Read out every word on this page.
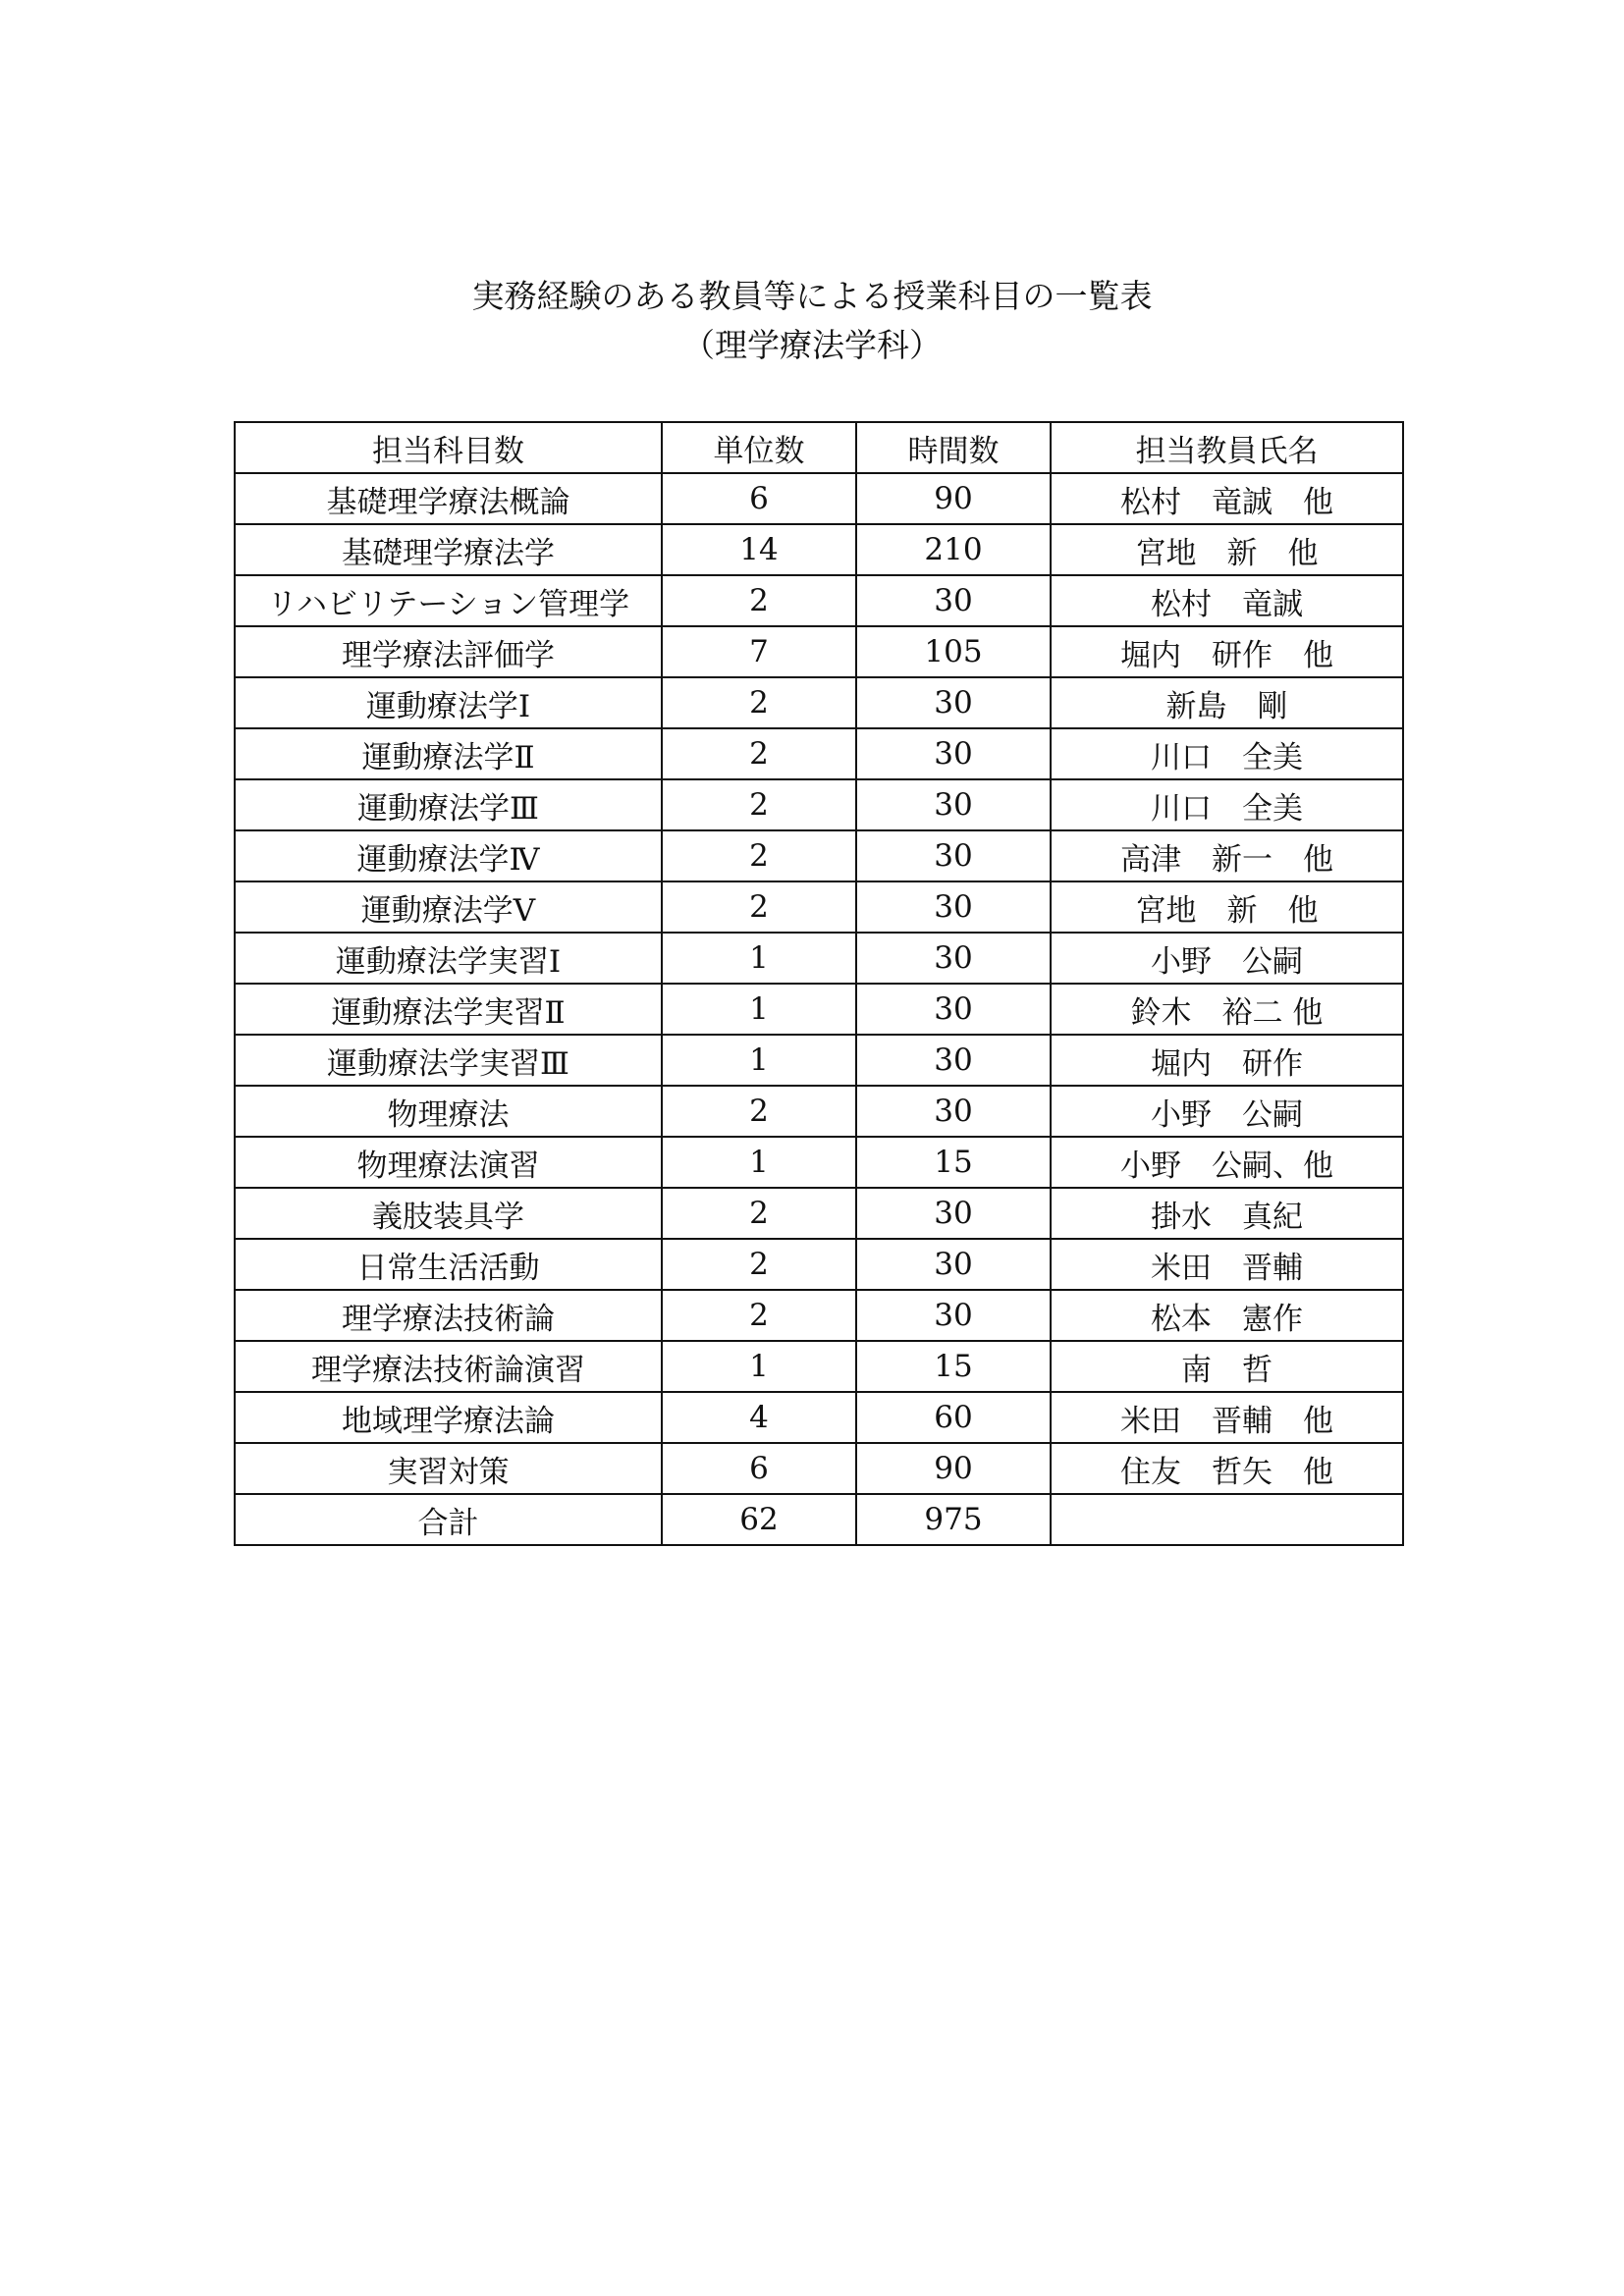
実務経験のある教員等による授業科目の一覧表
（理学療法学科）
担当科目数	単位数	時間数	担当教員氏名
基礎理学療法概論	6	90	松村　竜誠　他
基礎理学療法学	14	210	宮地　新　他
リハビリテーション管理学	2	30	松村　竜誠
理学療法評価学	7	105	堀内　研作　他
運動療法学Ⅰ	2	30	新島　剛
運動療法学Ⅱ	2	30	川口　全美
運動療法学Ⅲ	2	30	川口　全美
運動療法学Ⅳ	2	30	高津　新一　他
運動療法学Ⅴ	2	30	宮地　新　他
運動療法学実習Ⅰ	1	30	小野　公嗣
運動療法学実習Ⅱ	1	30	鈴木　裕二 他
運動療法学実習Ⅲ	1	30	堀内　研作
物理療法	2	30	小野　公嗣
物理療法演習	1	15	小野　公嗣、他
義肢装具学	2	30	掛水　真紀
日常生活活動	2	30	米田　晋輔
理学療法技術論	2	30	松本　憲作
理学療法技術論演習	1	15	南　哲
地域理学療法論	4	60	米田　晋輔　他
実習対策	6	90	住友　哲矢　他
合計	62	975	
